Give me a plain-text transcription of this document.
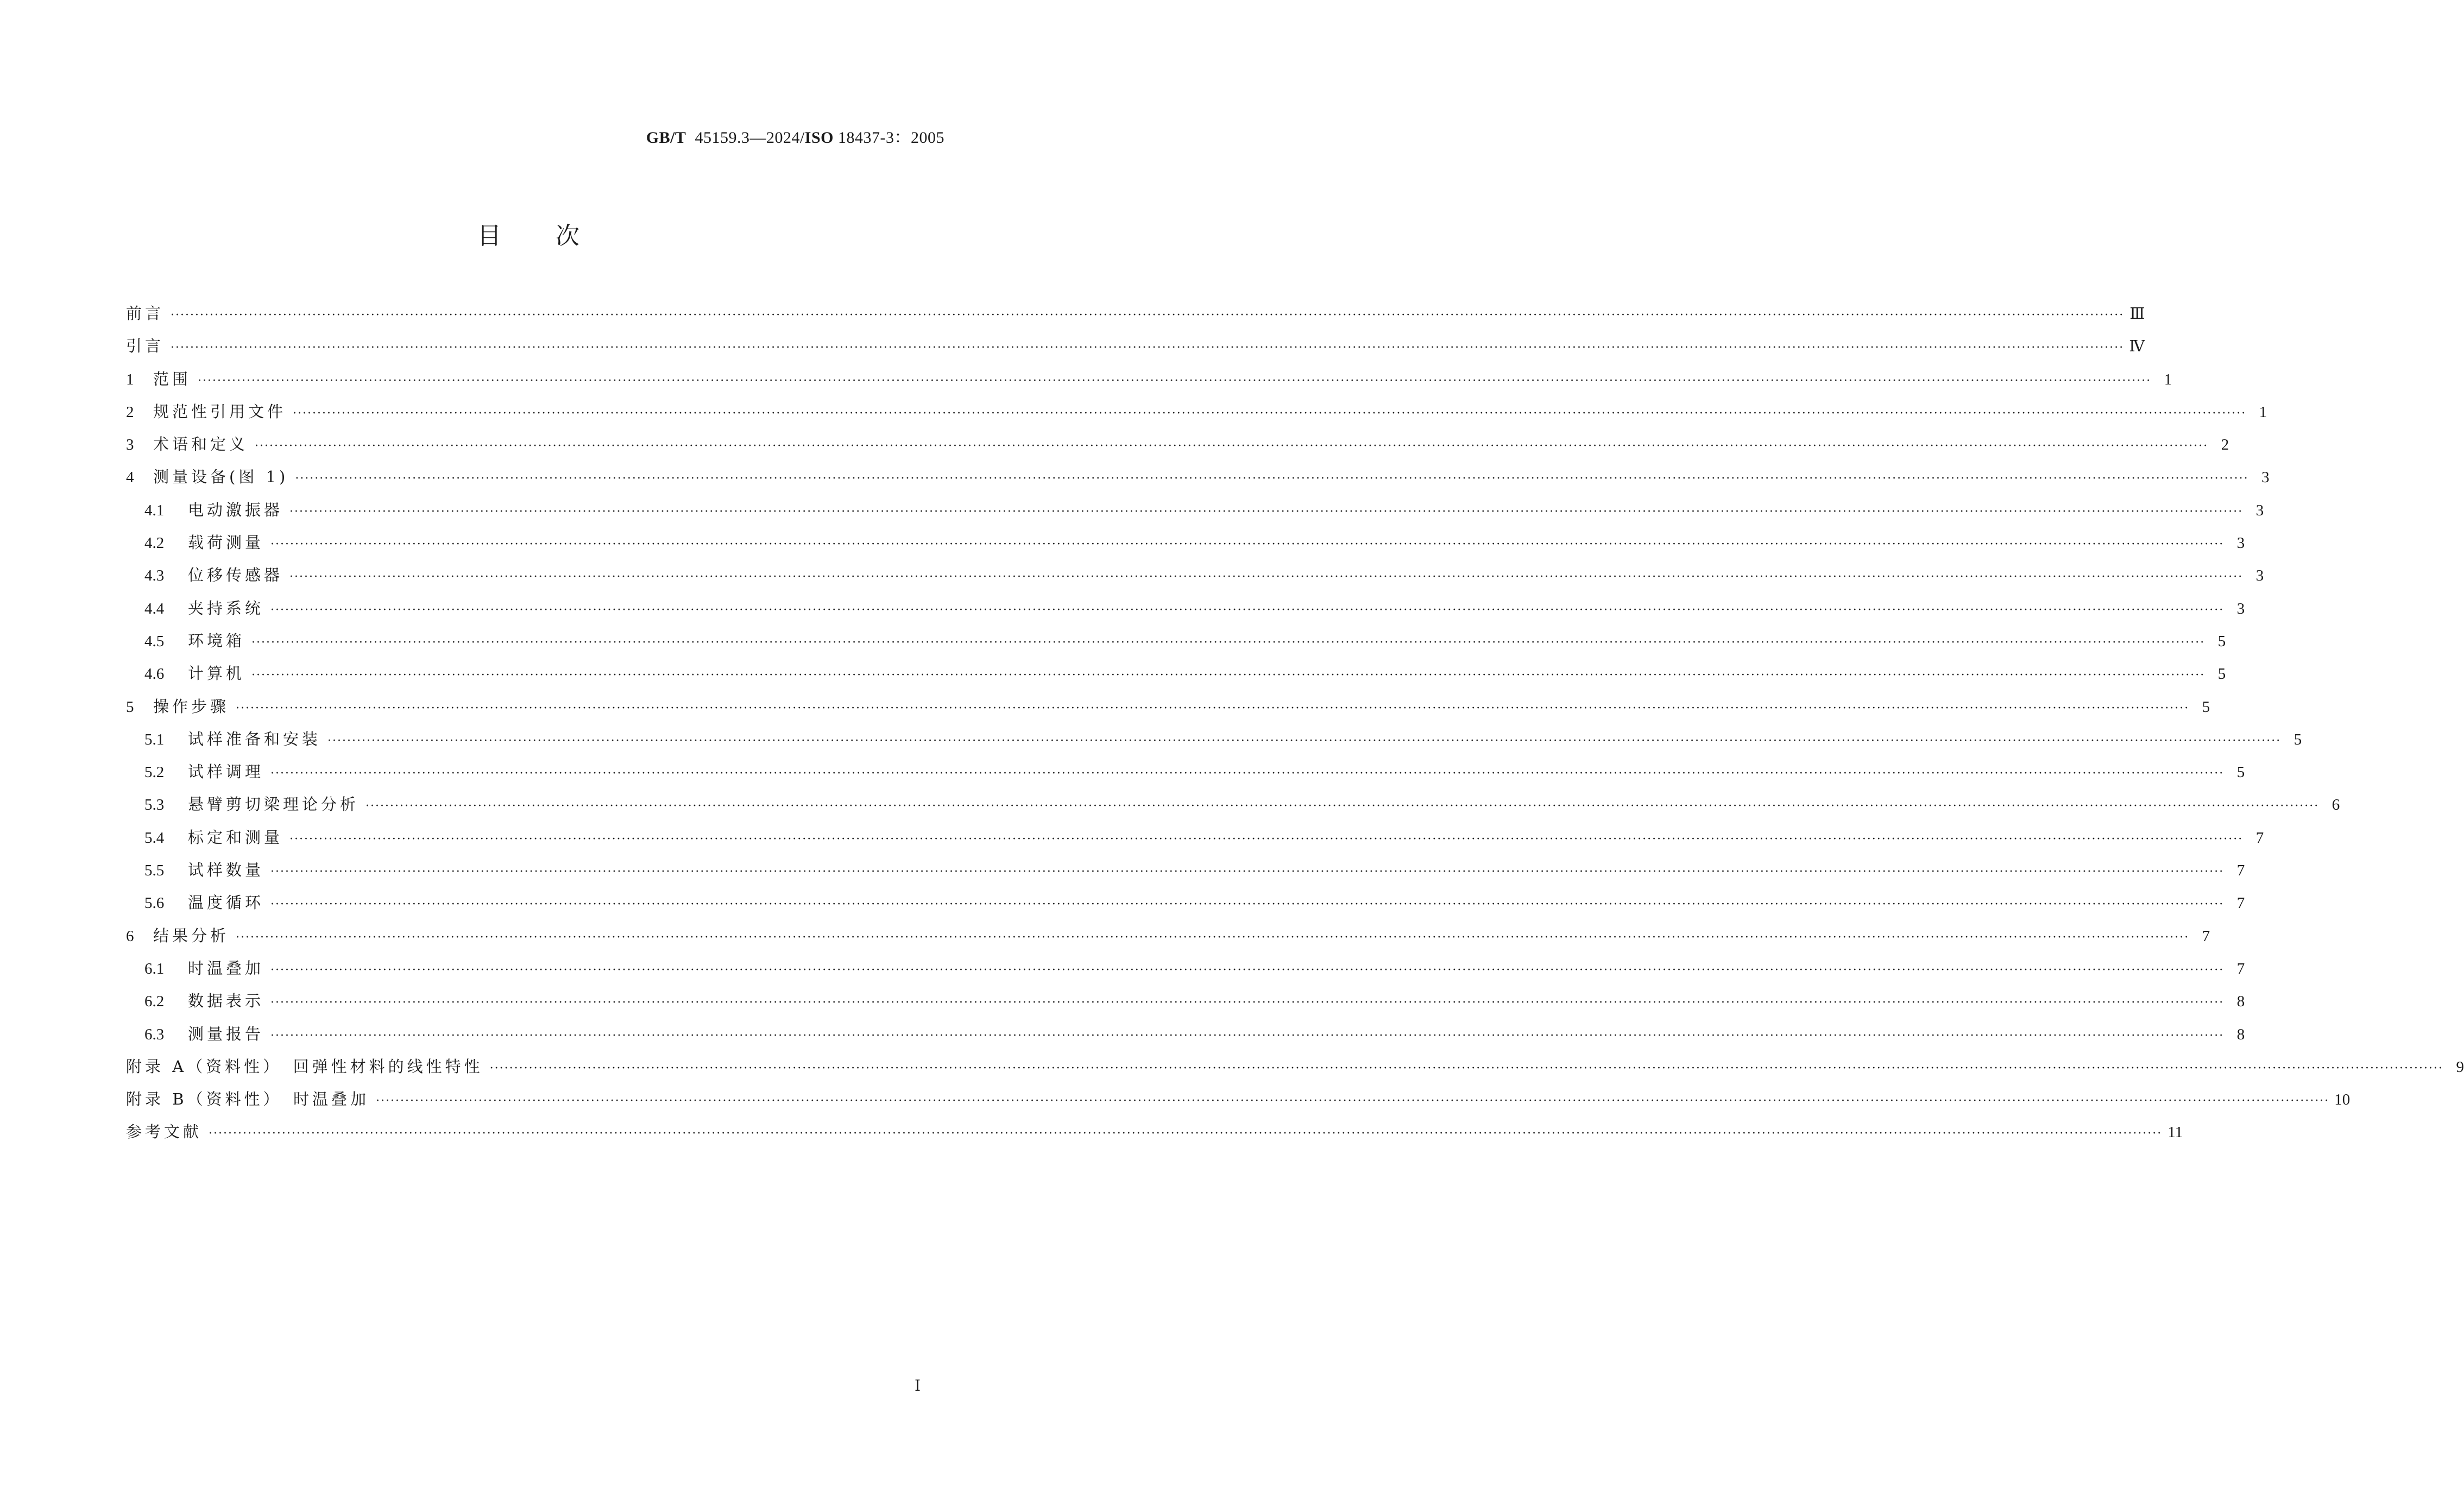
GB/T 45159.3—2024/ISO 18437-3：2005
目次
前言 ················································································································································································································································································································································································································ Ⅲ
引言 ················································································································································································································································································································································································································ Ⅳ
1	范围 ················································································································································································································································································································································································································ 1
2	规范性引用文件 ················································································································································································································································································································································································································ 1
3	术语和定义 ················································································································································································································································································································································································································ 2
4	测量设备(图 1) ················································································································································································································································································································································································································ 3
4.1	电动激振器 ················································································································································································································································································································································································································ 3
4.2	载荷测量 ················································································································································································································································································································································································································ 3
4.3	位移传感器 ················································································································································································································································································································································································································ 3
4.4	夹持系统 ················································································································································································································································································································································································································ 3
4.5	环境箱 ················································································································································································································································································································································································································ 5
4.6	计算机 ················································································································································································································································································································································································································ 5
5	操作步骤 ················································································································································································································································································································································································································ 5
5.1	试样准备和安装 ················································································································································································································································································································································································································ 5
5.2	试样调理 ················································································································································································································································································································································································································ 5
5.3	悬臂剪切梁理论分析 ················································································································································································································································································································································································································ 6
5.4	标定和测量 ················································································································································································································································································································································································································ 7
5.5	试样数量 ················································································································································································································································································································································································································ 7
5.6	温度循环 ················································································································································································································································································································································································································ 7
6	结果分析 ················································································································································································································································································································································································································ 7
6.1	时温叠加 ················································································································································································································································································································································································································ 7
6.2	数据表示 ················································································································································································································································································································································································································ 8
6.3	测量报告 ················································································································································································································································································································································································································ 8
附录 A（资料性）　回弹性材料的线性特性 ················································································································································································································································································································································································································ 9
附录 B（资料性）　时温叠加 ················································································································································································································································································································································································································ 10
参考文献 ················································································································································································································································································································································································································ 11
Ⅰ
